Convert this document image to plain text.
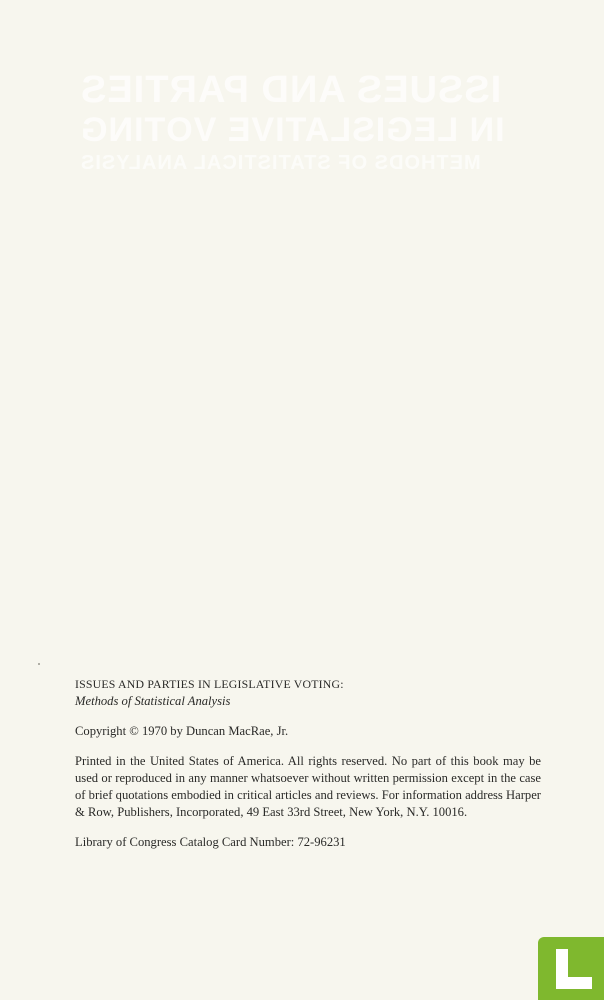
ISSUES AND PARTIES
IN LEGISLATIVE VOTING
METHODS OF STATISTICAL ANALYSIS

ISSUES AND PARTIES IN LEGISLATIVE VOTING:

Methods of Statistical Analysis

Copyright © 1970 by Duncan MacRae, Jr.

Printed in the United States of America. All rights reserved. No part of this book may be used or reproduced in any manner whatsoever without written permission except in the case of brief quotations embodied in critical articles and reviews. For information address Harper & Row, Publishers, Incorporated, 49 East 33rd Street, New York, N.Y. 10016.

Library of Congress Catalog Card Number: 72-96231
